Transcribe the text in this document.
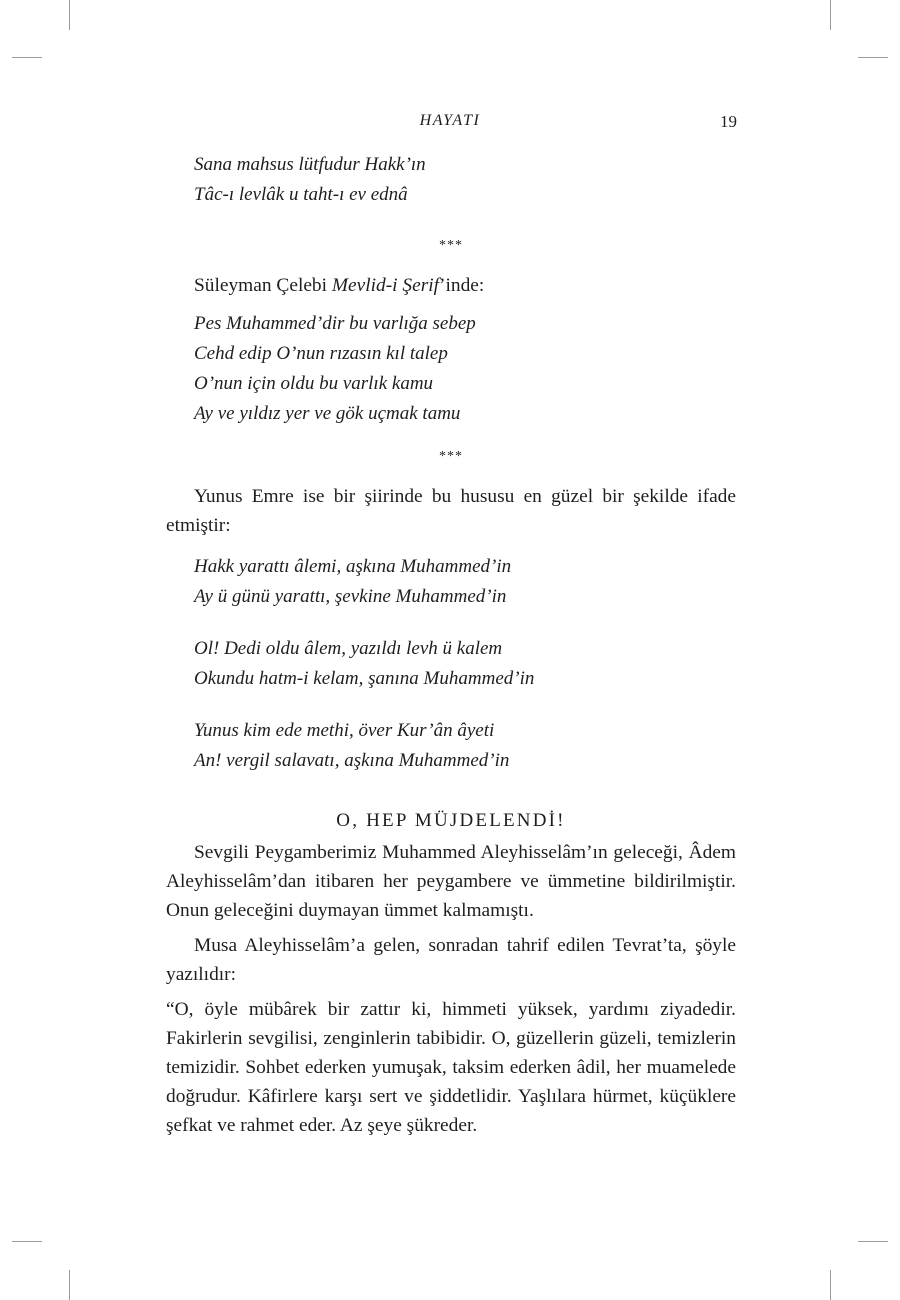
HAYATI	19
Sana mahsus lütfudur Hakk’ın
Tâc-ı levlâk u taht-ı ev ednâ
***

Süleyman Çelebi Mevlid-i Şerif’inde:

Pes Muhammed’dir bu varlığa sebep
Cehd edip O’nun rızasın kıl talep
O’nun için oldu bu varlık kamu
Ay ve yıldız yer ve gök uçmak tamu
***

Yunus Emre ise bir şiirinde bu hususu en güzel bir şekilde ifade etmiştir:

Hakk yarattı âlemi, aşkına Muhammed’in
Ay ü günü yarattı, şevkine Muhammed’in
Ol! Dedi oldu âlem, yazıldı levh ü kalem
Okundu hatm-i kelam, şanına Muhammed’in
Yunus kim ede methi, över Kur’ân âyeti
An! vergil salavatı, aşkına Muhammed’in
O, HEP MÜJDELENDİ!

Sevgili Peygamberimiz Muhammed Aleyhisselâm’ın geleceği, Âdem Aleyhisselâm’dan itibaren her peygambere ve ümmetine bildirilmiştir. Onun geleceğini duymayan ümmet kalmamıştı.

Musa Aleyhisselâm’a gelen, sonradan tahrif edilen Tevrat’ta, şöyle yazılıdır:

“O, öyle mübârek bir zattır ki, himmeti yüksek, yardımı ziyadedir. Fakirlerin sevgilisi, zenginlerin tabibidir. O, güzellerin güzeli, temizlerin temizidir. Sohbet ederken yumuşak, taksim ederken âdil, her muamelede doğrudur. Kâfirlere karşı sert ve şiddetlidir. Yaşlılara hürmet, küçüklere şefkat ve rahmet eder. Az şeye şükreder.
